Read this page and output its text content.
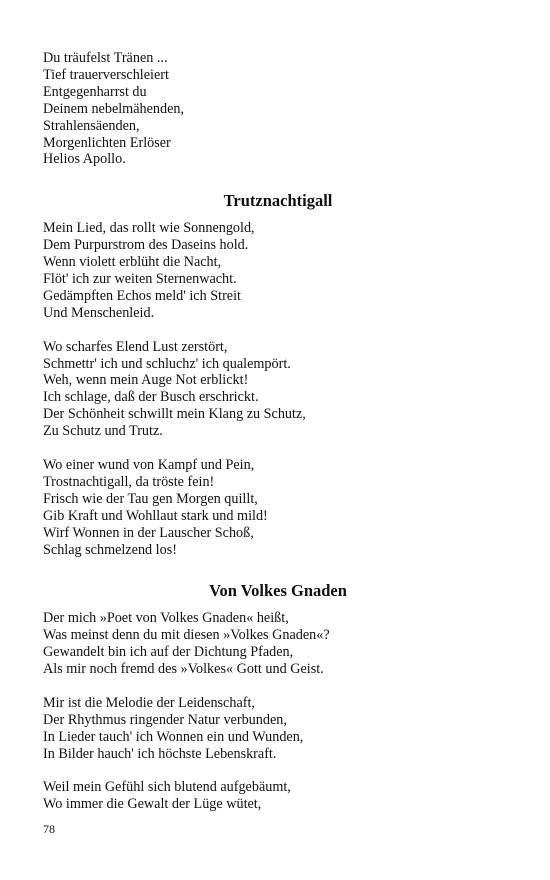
Du träufelst Tränen ...
Tief trauerverschleiert
Entgegenharrst du
Deinem nebelmähenden,
Strahlensäenden,
Morgenlichten Erlöser
Helios Apollo.
Trutznachtigall
Mein Lied, das rollt wie Sonnengold,
Dem Purpurstrom des Daseins hold.
Wenn violett erblüht die Nacht,
Flöt' ich zur weiten Sternenwacht.
Gedämpften Echos meld' ich Streit
Und Menschenleid.
Wo scharfes Elend Lust zerstört,
Schmettr' ich und schluchz' ich qualempört.
Weh, wenn mein Auge Not erblickt!
Ich schlage, daß der Busch erschrickt.
Der Schönheit schwillt mein Klang zu Schutz,
Zu Schutz und Trutz.
Wo einer wund von Kampf und Pein,
Trostnachtigall, da tröste fein!
Frisch wie der Tau gen Morgen quillt,
Gib Kraft und Wohllaut stark und mild!
Wirf Wonnen in der Lauscher Schoß,
Schlag schmelzend los!
Von Volkes Gnaden
Der mich »Poet von Volkes Gnaden« heißt,
Was meinst denn du mit diesen »Volkes Gnaden«?
Gewandelt bin ich auf der Dichtung Pfaden,
Als mir noch fremd des »Volkes« Gott und Geist.
Mir ist die Melodie der Leidenschaft,
Der Rhythmus ringender Natur verbunden,
In Lieder tauch' ich Wonnen ein und Wunden,
In Bilder hauch' ich höchste Lebenskraft.
Weil mein Gefühl sich blutend aufgebäumt,
Wo immer die Gewalt der Lüge wütet,
78
